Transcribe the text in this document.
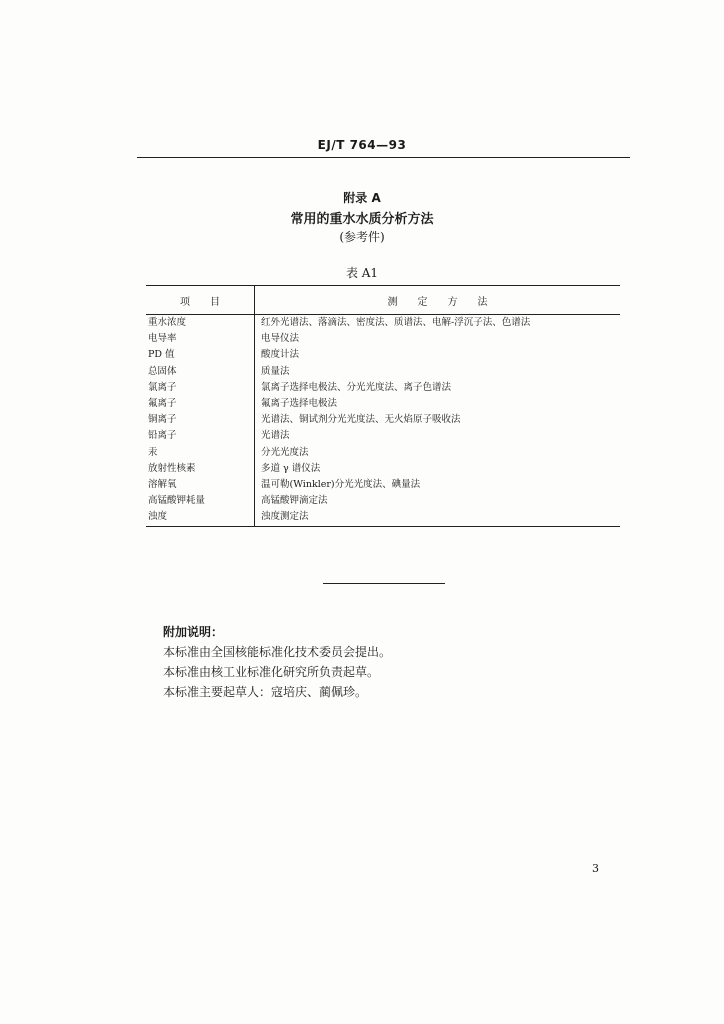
EJ/T 764—93
附录 A
常用的重水水质分析方法
(参考件)
表 A1
项　　目	测　　定　　方　　法
重水浓度	红外光谱法、落滴法、密度法、质谱法、电解-浮沉子法、色谱法
电导率	电导仪法
PD 值	酸度计法
总固体	质量法
氯离子	氯离子选择电极法、分光光度法、离子色谱法
氟离子	氟离子选择电极法
铜离子	光谱法、铜试剂分光光度法、无火焰原子吸收法
铅离子	光谱法
汞	分光光度法
放射性核素	多道 γ 谱仪法
溶解氧	温可勒(Winkler)分光光度法、碘量法
高锰酸钾耗量	高锰酸钾滴定法
浊度	浊度测定法
附加说明：
本标准由全国核能标准化技术委员会提出。
本标准由核工业标准化研究所负责起草。
本标准主要起草人：寇培庆、蔺佩珍。
3
